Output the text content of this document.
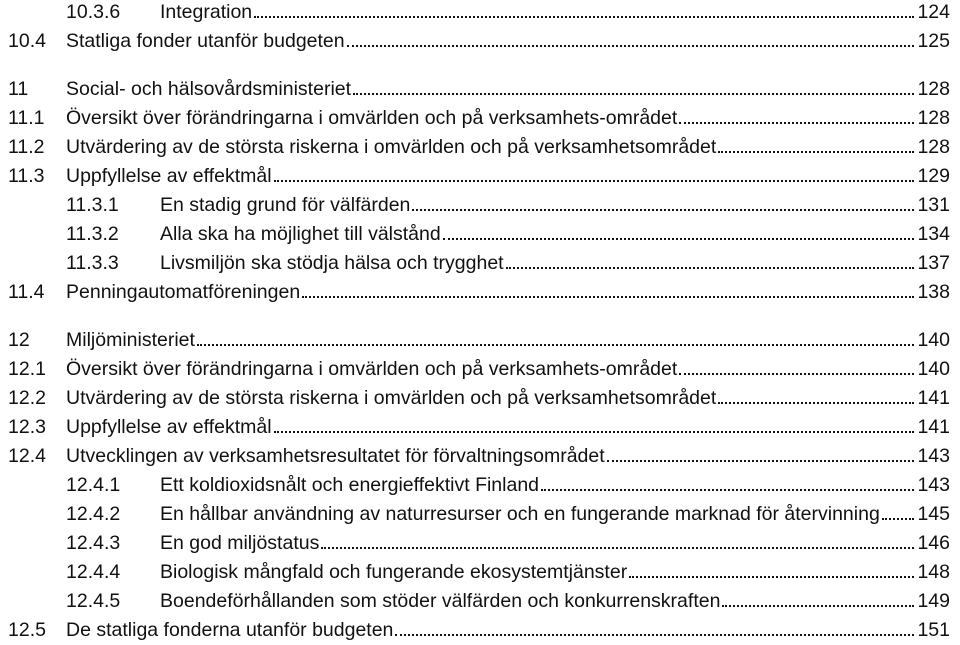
10.3.6 Integration	124
10.4 Statliga fonder utanför budgeten	125
11 Social- och hälsovårdsministeriet	128
11.1 Översikt över förändringarna i omvärlden och på verksamhets-området	128
11.2 Utvärdering av de största riskerna i omvärlden och på verksamhetsområdet	128
11.3 Uppfyllelse av effektmål	129
11.3.1 En stadig grund för välfärden	131
11.3.2 Alla ska ha möjlighet till välstånd	134
11.3.3 Livsmiljön ska stödja hälsa och trygghet	137
11.4 Penningautomatföreningen	138
12 Miljöministeriet	140
12.1 Översikt över förändringarna i omvärlden och på verksamhets-området	140
12.2 Utvärdering av de största riskerna i omvärlden och på verksamhetsområdet	141
12.3 Uppfyllelse av effektmål	141
12.4 Utvecklingen av verksamhetsresultatet för förvaltningsområdet	143
12.4.1 Ett koldioxidsnålt och energieffektivt Finland	143
12.4.2 En hållbar användning av naturresurser och en fungerande marknad för återvinning 145
12.4.3 En god miljöstatus	146
12.4.4 Biologisk mångfald och fungerande ekosystemtjänster	148
12.4.5 Boendeförhållanden som stöder välfärden och konkurrenskraften	149
12.5 De statliga fonderna utanför budgeten	151
